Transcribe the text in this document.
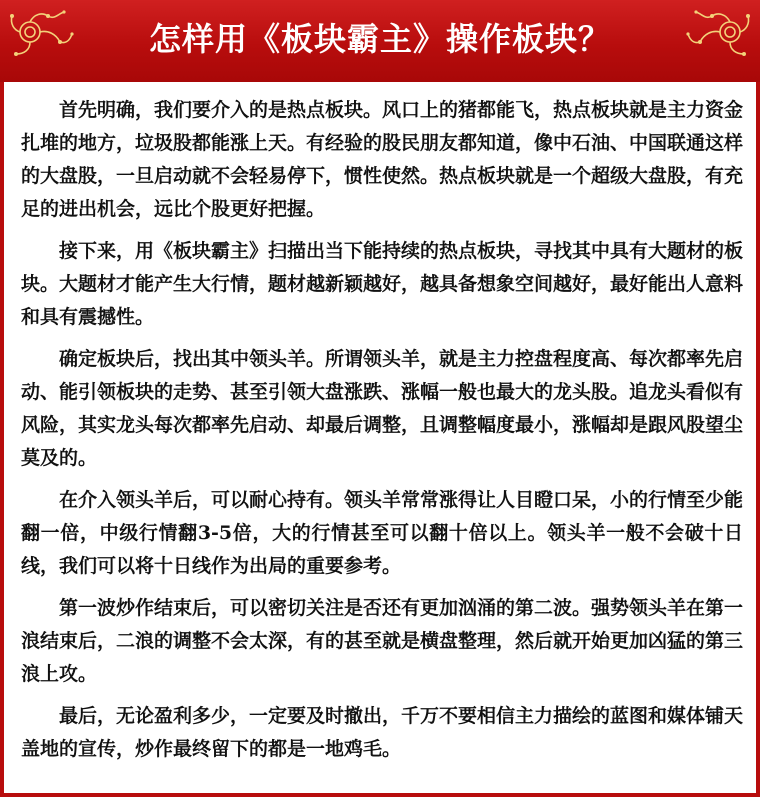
怎样用《板块霸主》操作板块？

首先明确，我们要介入的是热点板块。风口上的猪都能飞，热点板块就是主力资金扎堆的地方，垃圾股都能涨上天。有经验的股民朋友都知道，像中石油、中国联通这样的大盘股，一旦启动就不会轻易停下，惯性使然。热点板块就是一个超级大盘股，有充足的进出机会，远比个股更好把握。

接下来，用《板块霸主》扫描出当下能持续的热点板块，寻找其中具有大题材的板块。大题材才能产生大行情，题材越新颖越好，越具备想象空间越好，最好能出人意料和具有震撼性。

确定板块后，找出其中领头羊。所谓领头羊，就是主力控盘程度高、每次都率先启动、能引领板块的走势、甚至引领大盘涨跌、涨幅一般也最大的龙头股。追龙头看似有风险，其实龙头每次都率先启动、却最后调整，且调整幅度最小，涨幅却是跟风股望尘莫及的。

在介入领头羊后，可以耐心持有。领头羊常常涨得让人目瞪口呆，小的行情至少能翻一倍，中级行情翻3-5倍，大的行情甚至可以翻十倍以上。领头羊一般不会破十日线，我们可以将十日线作为出局的重要参考。

第一波炒作结束后，可以密切关注是否还有更加汹涌的第二波。强势领头羊在第一浪结束后，二浪的调整不会太深，有的甚至就是横盘整理，然后就开始更加凶猛的第三浪上攻。

最后，无论盈利多少，一定要及时撤出，千万不要相信主力描绘的蓝图和媒体铺天盖地的宣传，炒作最终留下的都是一地鸡毛。
